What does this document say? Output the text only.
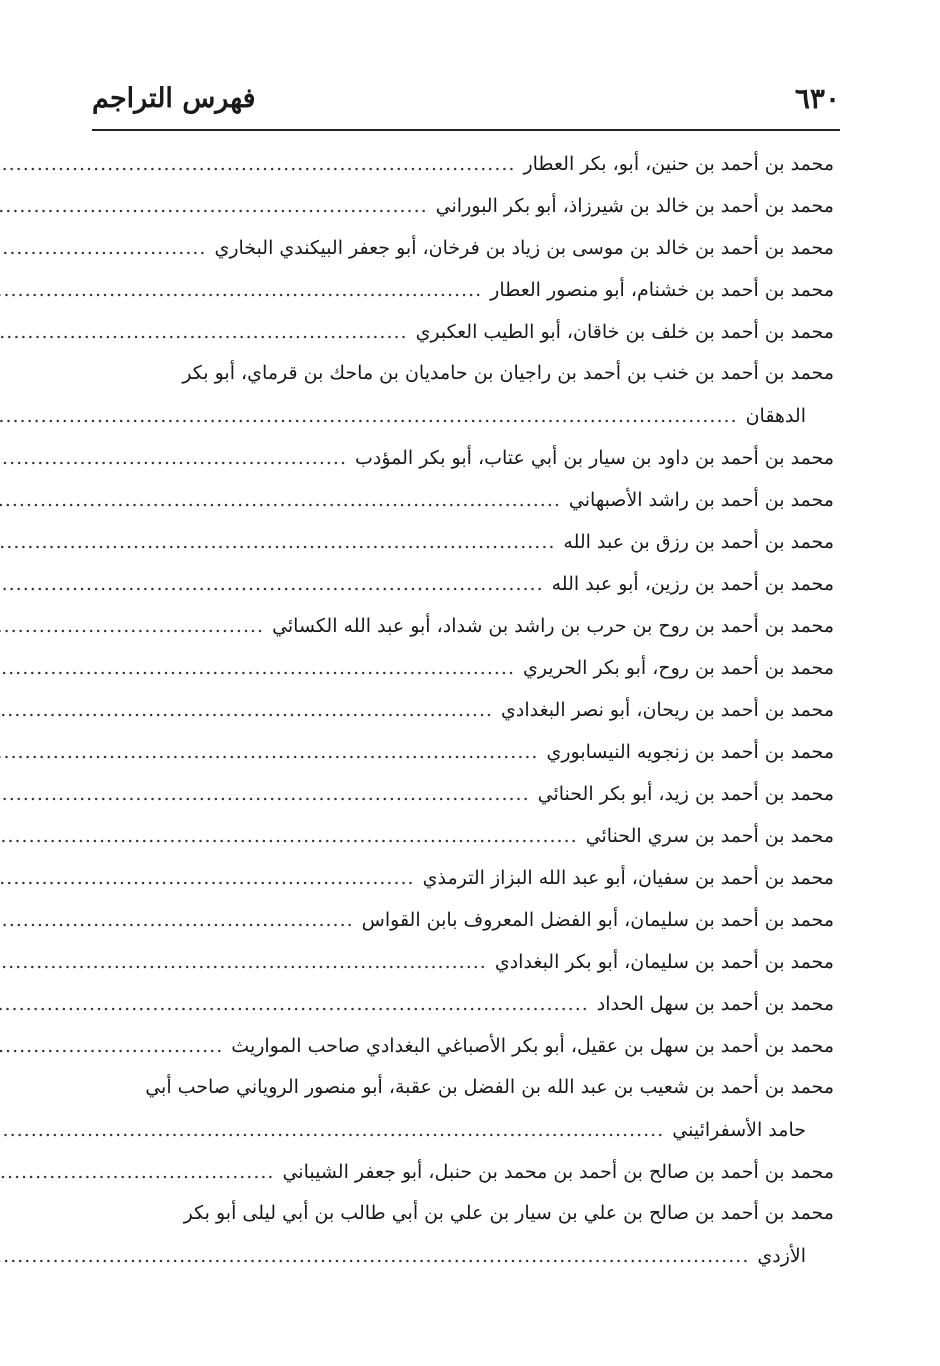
٦٣٠
فهرس التراجم
محمد بن أحمد بن حنين، أبو، بكر العطار
.....
محمد بن أحمد بن خالد بن شيرزاذ، أبو بكر البوراني
.....
محمد بن أحمد بن خالد بن موسى بن زياد بن فرخان، أبو جعفر البيكندي البخاري
.....
محمد بن أحمد بن خشنام، أبو منصور العطار
.....
محمد بن أحمد بن خلف بن خاقان، أبو الطيب العكبري
.....
محمد بن أحمد بن خنب بن أحمد بن راجيان بن حامديان بن ماحك بن قرماي، أبو بكر
الدهقان
.....
محمد بن أحمد بن داود بن سيار بن أبي عتاب، أبو بكر المؤدب
.....
محمد بن أحمد بن راشد الأصبهاني
.....
محمد بن أحمد بن رزق بن عبد الله
.....
محمد بن أحمد بن رزين، أبو عبد الله
.....
محمد بن أحمد بن روح بن حرب بن راشد بن شداد، أبو عبد الله الكسائي
.....
محمد بن أحمد بن روح، أبو بكر الحريري
.....
محمد بن أحمد بن ريحان، أبو نصر البغدادي
.....
محمد بن أحمد بن زنجويه النيسابوري
.....
محمد بن أحمد بن زيد، أبو بكر الحنائي
.....
محمد بن أحمد بن سري الحنائي
.....
محمد بن أحمد بن سفيان، أبو عبد الله البزاز الترمذي
.....
محمد بن أحمد بن سليمان، أبو الفضل المعروف بابن القواس
.....
محمد بن أحمد بن سليمان، أبو بكر البغدادي
.....
محمد بن أحمد بن سهل الحداد
.....
محمد بن أحمد بن سهل بن عقيل، أبو بكر الأصباغي البغدادي صاحب المواريث
.....
محمد بن أحمد بن شعيب بن عبد الله بن الفضل بن عقبة، أبو منصور الروياني صاحب أبي
حامد الأسفرائيني
.....
محمد بن أحمد بن صالح بن أحمد بن محمد بن حنبل، أبو جعفر الشيباني
.....
محمد بن أحمد بن صالح بن علي بن سيار بن علي بن أبي طالب بن أبي ليلى أبو بكر
الأزدي
.....
